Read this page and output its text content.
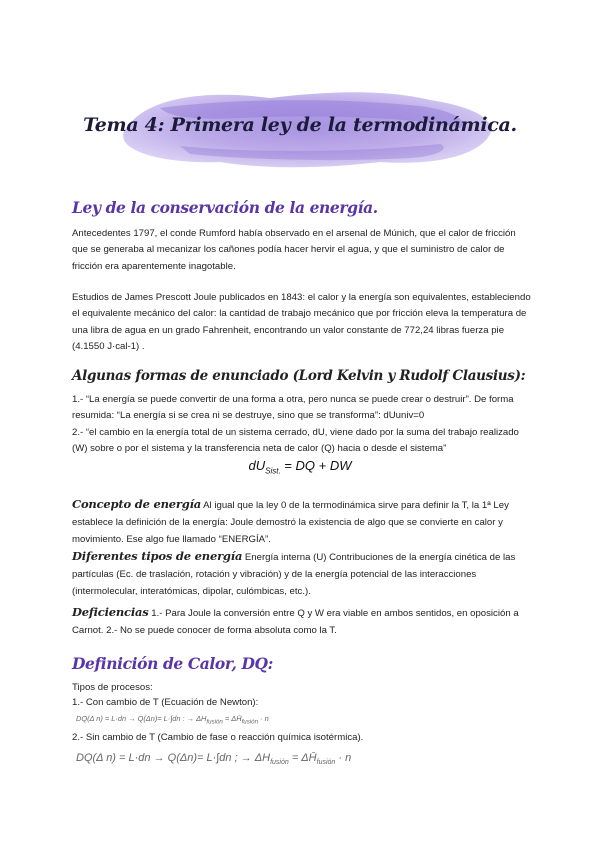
Tema 4: Primera ley de la termodinámica.
Ley de la conservación de la energía.

Antecedentes 1797, el conde Rumford había observado en el arsenal de Múnich, que el calor de fricción que se generaba al mecanizar los cañones podía hacer hervir el agua, y que el suministro de calor de fricción era aparentemente inagotable.

Estudios de James Prescott Joule publicados en 1843: el calor y la energía son equivalentes, estableciendo el equivalente mecánico del calor: la cantidad de trabajo mecánico que por fricción eleva la temperatura de una libra de agua en un grado Fahrenheit, encontrando un valor constante de 772,24 libras fuerza pie (4.1550 J·cal-1) .

Algunas formas de enunciado (Lord Kelvin y Rudolf Clausius):

1.- “La energía se puede convertir de una forma a otra, pero nunca se puede crear o destruir”. De forma resumida: “La energía si se crea ni se destruye, sino que se transforma”: dUuniv=0

2.- “el cambio en la energía total de un sistema cerrado, dU, viene dado por la suma del trabajo realizado (W) sobre o por el sistema y la transferencia neta de calor (Q) hacia o desde el sistema”

$dU_{Sist.}$ = DQ + DW
Concepto de energía Al igual que la ley 0 de la termodinámica sirve para definir la T, la 1ª Ley establece la definición de la energía: Joule demostró la existencia de algo que se convierte en calor y movimiento. Ese algo fue llamado “ENERGÍA”.
Diferentes tipos de energía Energía interna (U) Contribuciones de la energía cinética de las partículas (Ec. de traslación, rotación y vibración) y de la energía potencial de las interacciones (intermolecular, interatómicas, dipolar, culómbicas, etc.).
Deficiencias 1.- Para Joule la conversión entre Q y W era viable en ambos sentidos, en oposición a Carnot. 2.- No se puede conocer de forma absoluta como la T.
Definición de Calor, DQ:

Tipos de procesos:

1.- Con cambio de T (Ecuación de Newton):

DQ(Δ n) = L·dn → Q(Δn)= L·∫dn : → $\Delta H_{fusión}$ = $\Delta H̄_{fusión} \cdot n$

2.- Sin cambio de T (Cambio de fase o reacción química isotérmica).

DQ(Δ n) = L·dn → Q(Δn)= L·∫dn ; → $\Delta H_{fusión}$ = $\Delta H̄_{fusión} \cdot n$
